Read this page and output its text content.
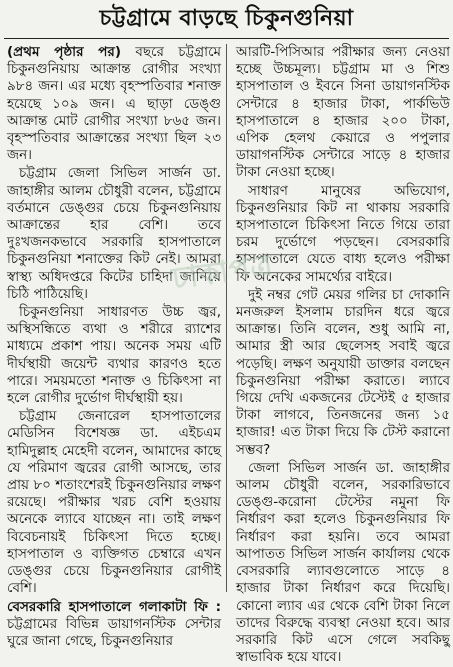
চট্টগ্রামে বাড়ছে চিকুনগুনিয়া

(প্রথম পৃষ্ঠার পর) বছরে চট্টগ্রামে চিকুনগুনিয়ায় আক্রান্ত রোগীর সংখ্যা ৯৮৪ জন। এর মধ্যে বৃহস্পতিবার শনাক্ত হয়েছে ১০৯ জন। এ ছাড়া ডেঙ্গু আক্রান্ত মোট রোগীর সংখ্যা ৮৬৫ জন। বৃহস্পতিবার আক্রান্তের সংখ্যা ছিল ২৩ জন।

চট্টগ্রাম জেলা সিভিল সার্জন ডা. জাহাঙ্গীর আলম চৌধুরী বলেন, চট্টগ্রামে বর্তমানে ডেঙ্গুর চেয়ে চিকুনগুনিয়ায় আক্রান্তের হার বেশি। তবে দুঃখজনকভাবে সরকারি হাসপাতালে চিকুনগুনিয়া শনাক্তের কিট নেই। আমরা স্বাস্থ্য অধিদপ্তরে কিটের চাহিদা জানিয়ে চিঠি পাঠিয়েছি।

চিকুনগুনিয়া সাধারণত উচ্চ জ্বর, অস্থিসন্ধিতে ব্যথা ও শরীরে র‍্যাশের মাধ্যমে প্রকাশ পায়। অনেক সময় এটি দীর্ঘস্থায়ী জয়েন্ট ব্যথার কারণও হতে পারে। সময়মতো শনাক্ত ও চিকিৎসা না হলে রোগীর দুর্ভোগ দীর্ঘস্থায়ী হয়।

চট্টগ্রাম জেনারেল হাসপাতালের মেডিসিন বিশেষজ্ঞ ডা. এইচএম হামিদুল্লাহ মেহেদী বলেন, আমাদের কাছে যে পরিমাণ জ্বরের রোগী আসছে, তার প্রায় ৮০ শতাংশেরই চিকুনগুনিয়ার লক্ষণ রয়েছে। পরীক্ষার খরচ বেশি হওয়ায় অনেকে ল্যাবে যাচ্ছেন না। তাই লক্ষণ বিবেচনায়ই চিকিৎসা দিতে হচ্ছে। হাসপাতাল ও ব্যক্তিগত চেম্বারে এখন ডেঙ্গুর চেয়ে চিকুনগুনিয়ার রোগীই বেশি।

বেসরকারি হাসপাতালে গলাকাটা ফি : চট্টগ্রামের বিভিন্ন ডায়াগনস্টিক সেন্টার ঘুরে জানা গেছে, চিকুনগুনিয়ার

আরটি-পিসিআর পরীক্ষার জন্য নেওয়া হচ্ছে উচ্চমূল্য। চট্টগ্রাম মা ও শিশু হাসপাতাল ও ইবনে সিনা ডায়াগনস্টিক সেন্টারে ৪ হাজার টাকা, পার্কভিউ হাসপাতালে ৪ হাজার ২০০ টাকা, এপিক হেলথ কেয়ারে ও পপুলার ডায়াগনস্টিক সেন্টারে সাড়ে ৪ হাজার টাকা নেওয়া হচ্ছে।

সাধারণ মানুষের অভিযোগ, চিকুনগুনিয়ার কিট না থাকায় সরকারি হাসপাতালে চিকিৎসা নিতে গিয়ে তারা চরম দুর্ভোগে পড়ছেন। বেসরকারি হাসপাতালে যেতে বাধ্য হলেও পরীক্ষা ফি অনেকের সামর্থ্যের বাইরে।

দুই নম্বর গেট মেয়র গলির চা দোকানি মনজরুল ইসলাম চারদিন ধরে জ্বরে আক্রান্ত। তিনি বলেন, শুধু আমি না, আমার স্ত্রী আর ছেলেসহ সবাই জ্বরে পড়েছি। লক্ষণ অনুযায়ী ডাক্তার বলছেন চিকুনগুনিয়া পরীক্ষা করাতে। ল্যাবে গিয়ে দেখি একজনের টেস্টেই ৫ হাজার টাকা লাগবে, তিনজনের জন্য ১৫ হাজার! এত টাকা দিয়ে কি টেস্ট করানো সম্ভব?

জেলা সিভিল সার্জন ডা. জাহাঙ্গীর আলম চৌধুরী বলেন, সরকারিভাবে ডেঙ্গু-করোনা টেস্টের নমুনা ফি নির্ধারণ করা হলেও চিকুনগুনিয়ার ফি নির্ধারণ করা হয়নি। তবে আমরা আপাতত সিভিল সার্জন কার্যালয় থেকে বেসরকারি ল্যাবগুলোতে সাড়ে ৪ হাজার টাকা নির্ধারণ করে দিয়েছি। কোনো ল্যাব এর থেকে বেশি টাকা নিলে তাদের বিরুদ্ধে ব্যবস্থা নেওয়া হবে। আর সরকারি কিট এসে গেলে সবকিছু স্বাভাবিক হয়ে যাবে।

ঢাকাপত্র
